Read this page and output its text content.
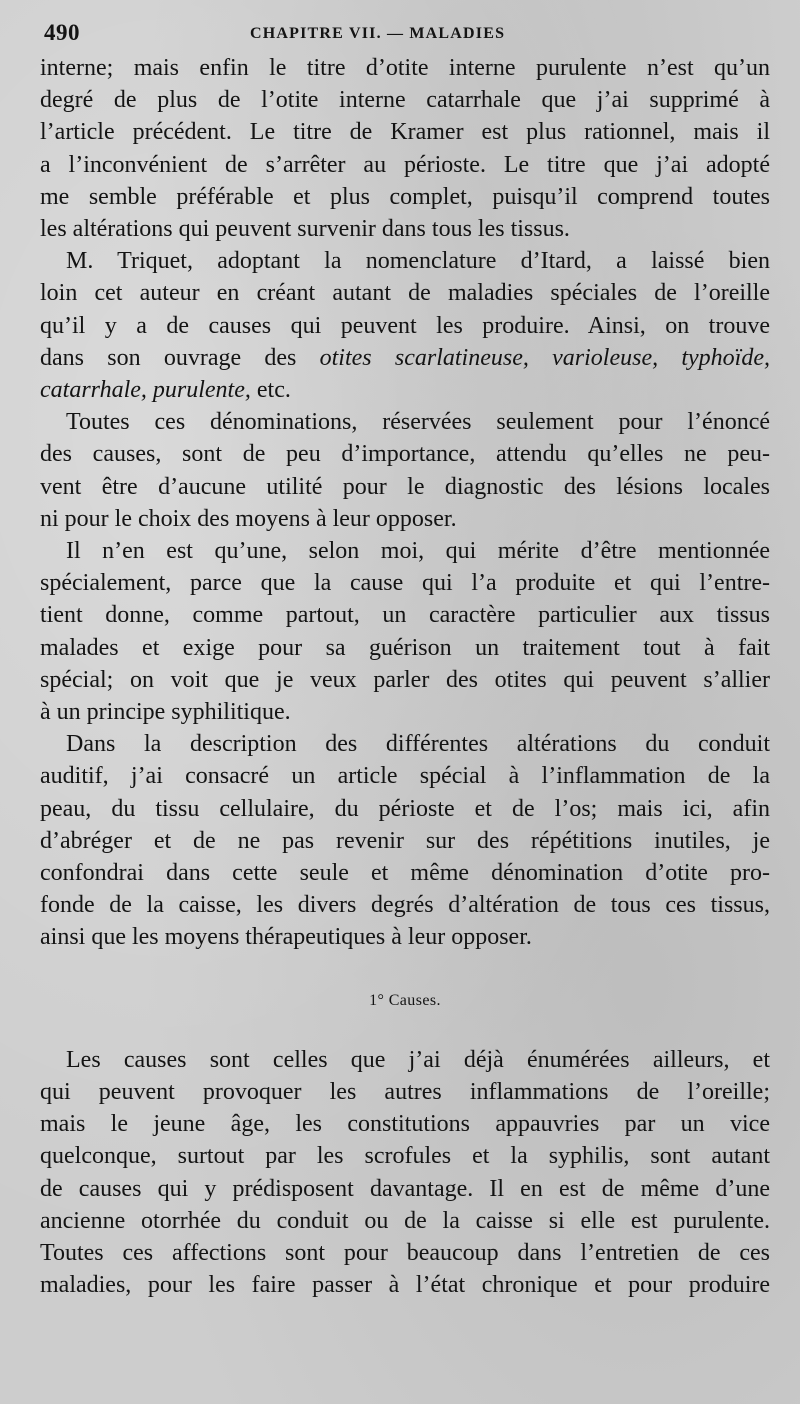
490	CHAPITRE VII. — MALADIES

interne; mais enfin le titre d’otite interne purulente n’est qu’un
degré de plus de l’otite interne catarrhale que j’ai supprimé à
l’article précédent. Le titre de Kramer est plus rationnel, mais il
a l’inconvénient de s’arrêter au périoste. Le titre que j’ai adopté
me semble préférable et plus complet, puisqu’il comprend toutes
les altérations qui peuvent survenir dans tous les tissus.

M. Triquet, adoptant la nomenclature d’Itard, a laissé bien
loin cet auteur en créant autant de maladies spéciales de l’oreille
qu’il y a de causes qui peuvent les produire. Ainsi, on trouve
dans son ouvrage des otites scarlatineuse, varioleuse, typhoïde,
catarrhale, purulente, etc.

Toutes ces dénominations, réservées seulement pour l’énoncé
des causes, sont de peu d’importance, attendu qu’elles ne peu-
vent être d’aucune utilité pour le diagnostic des lésions locales
ni pour le choix des moyens à leur opposer.

Il n’en est qu’une, selon moi, qui mérite d’être mentionnée
spécialement, parce que la cause qui l’a produite et qui l’entre-
tient donne, comme partout, un caractère particulier aux tissus
malades et exige pour sa guérison un traitement tout à fait
spécial; on voit que je veux parler des otites qui peuvent s’allier
à un principe syphilitique.

Dans la description des différentes altérations du conduit
auditif, j’ai consacré un article spécial à l’inflammation de la
peau, du tissu cellulaire, du périoste et de l’os; mais ici, afin
d’abréger et de ne pas revenir sur des répétitions inutiles, je
confondrai dans cette seule et même dénomination d’otite pro-
fonde de la caisse, les divers degrés d’altération de tous ces tissus,
ainsi que les moyens thérapeutiques à leur opposer.

1° Causes.

Les causes sont celles que j’ai déjà énumérées ailleurs, et
qui peuvent provoquer les autres inflammations de l’oreille;
mais le jeune âge, les constitutions appauvries par un vice
quelconque, surtout par les scrofules et la syphilis, sont autant
de causes qui y prédisposent davantage. Il en est de même d’une
ancienne otorrhée du conduit ou de la caisse si elle est purulente.
Toutes ces affections sont pour beaucoup dans l’entretien de ces
maladies, pour les faire passer à l’état chronique et pour produire
